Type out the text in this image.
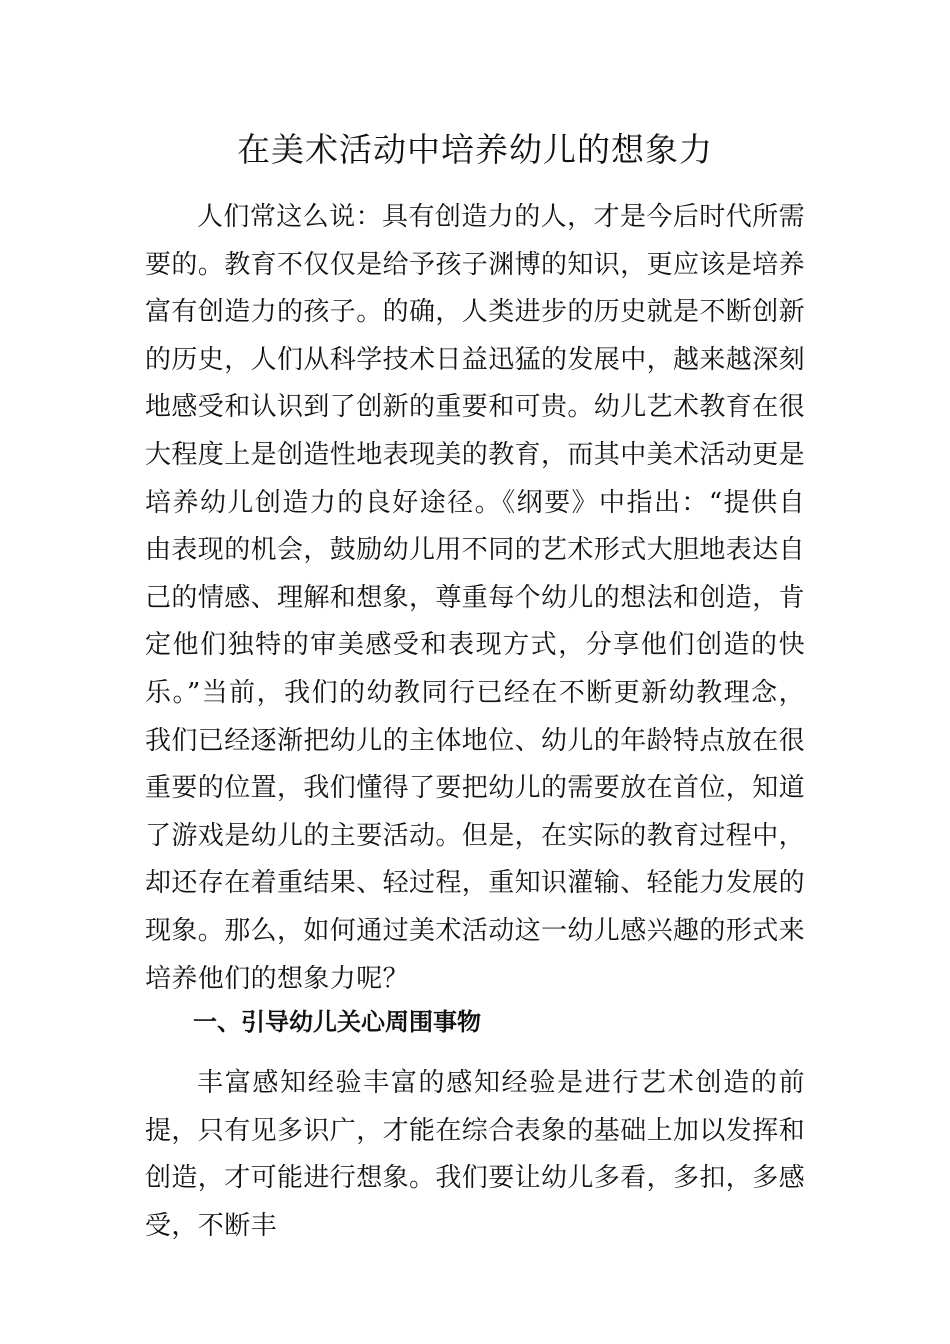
在美术活动中培养幼儿的想象力

人们常这么说：具有创造力的人，才是今后时代所需要的。教育不仅仅是给予孩子渊博的知识，更应该是培养富有创造力的孩子。的确，人类进步的历史就是不断创新的历史，人们从科学技术日益迅猛的发展中，越来越深刻地感受和认识到了创新的重要和可贵。幼儿艺术教育在很大程度上是创造性地表现美的教育，而其中美术活动更是培养幼儿创造力的良好途径。《纲要》中指出：“提供自由表现的机会，鼓励幼儿用不同的艺术形式大胆地表达自己的情感、理解和想象，尊重每个幼儿的想法和创造，肯定他们独特的审美感受和表现方式，分享他们创造的快乐。”当前，我们的幼教同行已经在不断更新幼教理念，我们已经逐渐把幼儿的主体地位、幼儿的年龄特点放在很重要的位置，我们懂得了要把幼儿的需要放在首位，知道了游戏是幼儿的主要活动。但是，在实际的教育过程中，却还存在着重结果、轻过程，重知识灌输、轻能力发展的现象。那么，如何通过美术活动这一幼儿感兴趣的形式来培养他们的想象力呢？

一、引导幼儿关心周围事物

丰富感知经验丰富的感知经验是进行艺术创造的前提，只有见多识广，才能在综合表象的基础上加以发挥和创造，才可能进行想象。我们要让幼儿多看，多扣，多感受，不断丰
